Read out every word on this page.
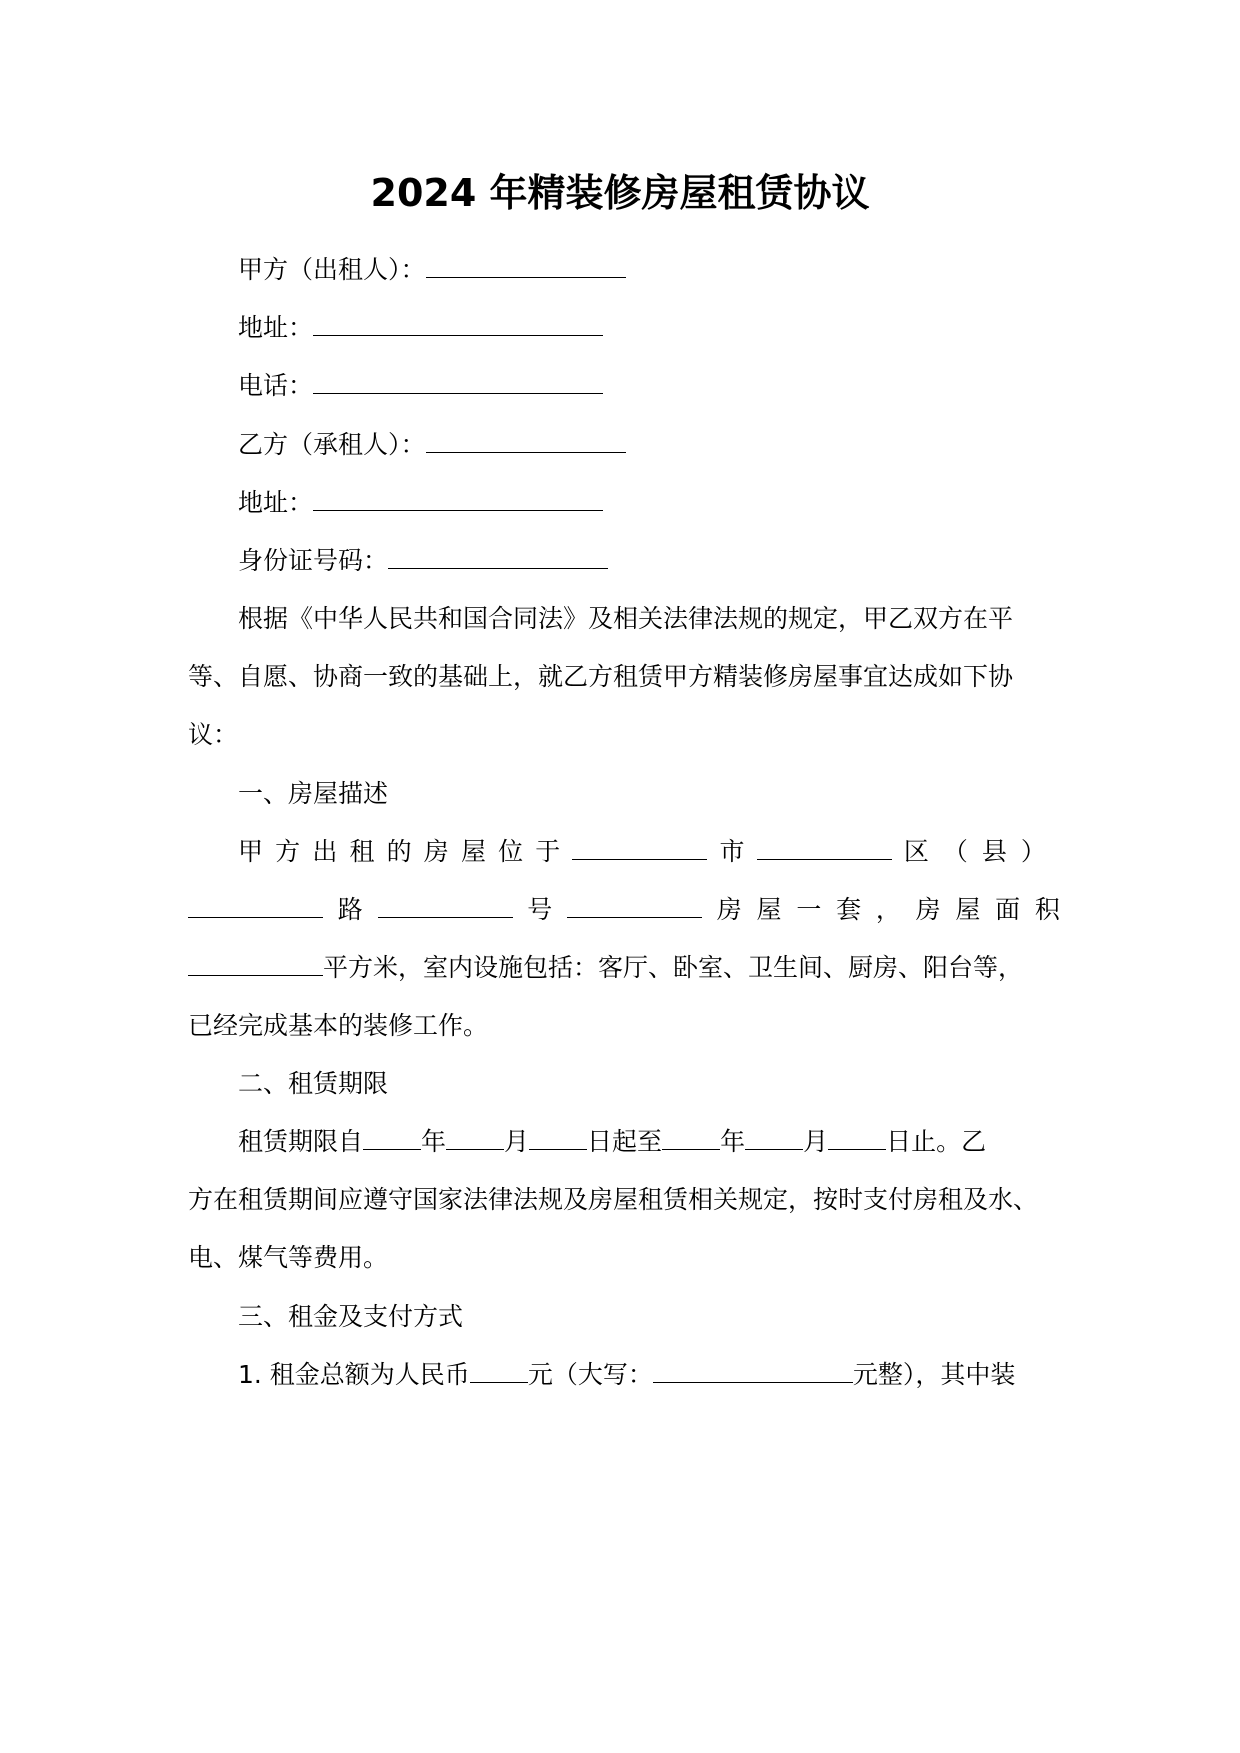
2024 年精装修房屋租赁协议
甲方（出租人）：
地址：
电话：
乙方（承租人）：
地址：
身份证号码：
根据《中华人民共和国合同法》及相关法律法规的规定，甲乙双方在平
等、自愿、协商一致的基础上，就乙方租赁甲方精装修房屋事宜达成如下协
议：
一、房屋描述
甲 方 出 租 的 房 屋 位 于	市	区（县）
路	号	房 屋 一 套 ， 房 屋 面 积
平方米，室内设施包括：客厅、卧室、卫生间、厨房、阳台等，
已经完成基本的装修工作。
二、租赁期限
租赁期限自 年 月 日起至 年 月 日止。乙
方在租赁期间应遵守国家法律法规及房屋租赁相关规定，按时支付房租及水、
电、煤气等费用。
三、租金及支付方式
1. 租金总额为人民币 元（大写：	元整），其中装
